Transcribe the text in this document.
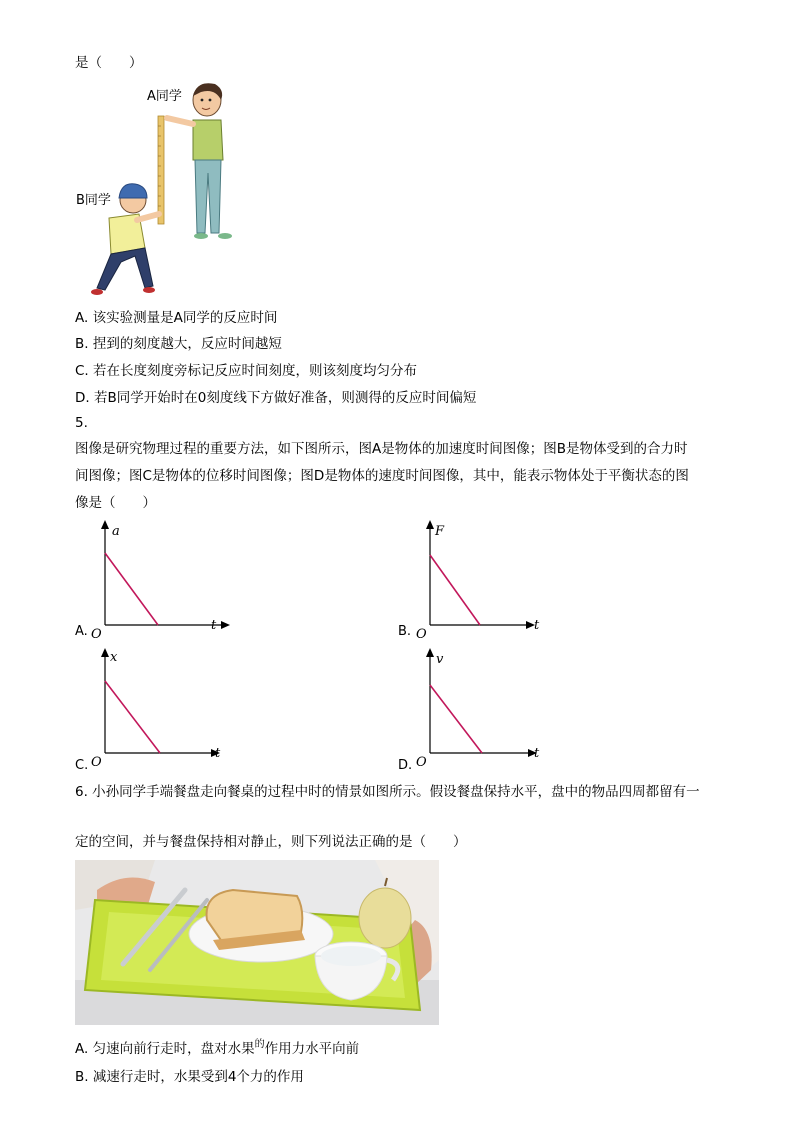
是（　　）
A同学
B同学
A. 该实验测量是A同学的反应时间
B. 捏到的刻度越大，反应时间越短
C. 若在长度刻度旁标记反应时间刻度，则该刻度均匀分布
D. 若B同学开始时在0刻度线下方做好准备，则测得的反应时间偏短
5.
图像是研究物理过程的重要方法，如下图所示，图A是物体的加速度时间图像；图B是物体受到的合力时
间图像；图C是物体的位移时间图像；图D是物体的速度时间图像，其中，能表示物体处于平衡状态的图
像是（　　）
A.
a
t
O	B.
F
t
O
C.
x
t
O	D.
v
t
O
6. 小孙同学手端餐盘走向餐桌的过程中时的情景如图所示。假设餐盘保持水平，盘中的物品四周都留有一
定的空间，并与餐盘保持相对静止，则下列说法正确的是（　　）
A. 匀速向前行走时，盘对水果$^的$作用力水平向前
B. 减速行走时，水果受到4个力的作用
